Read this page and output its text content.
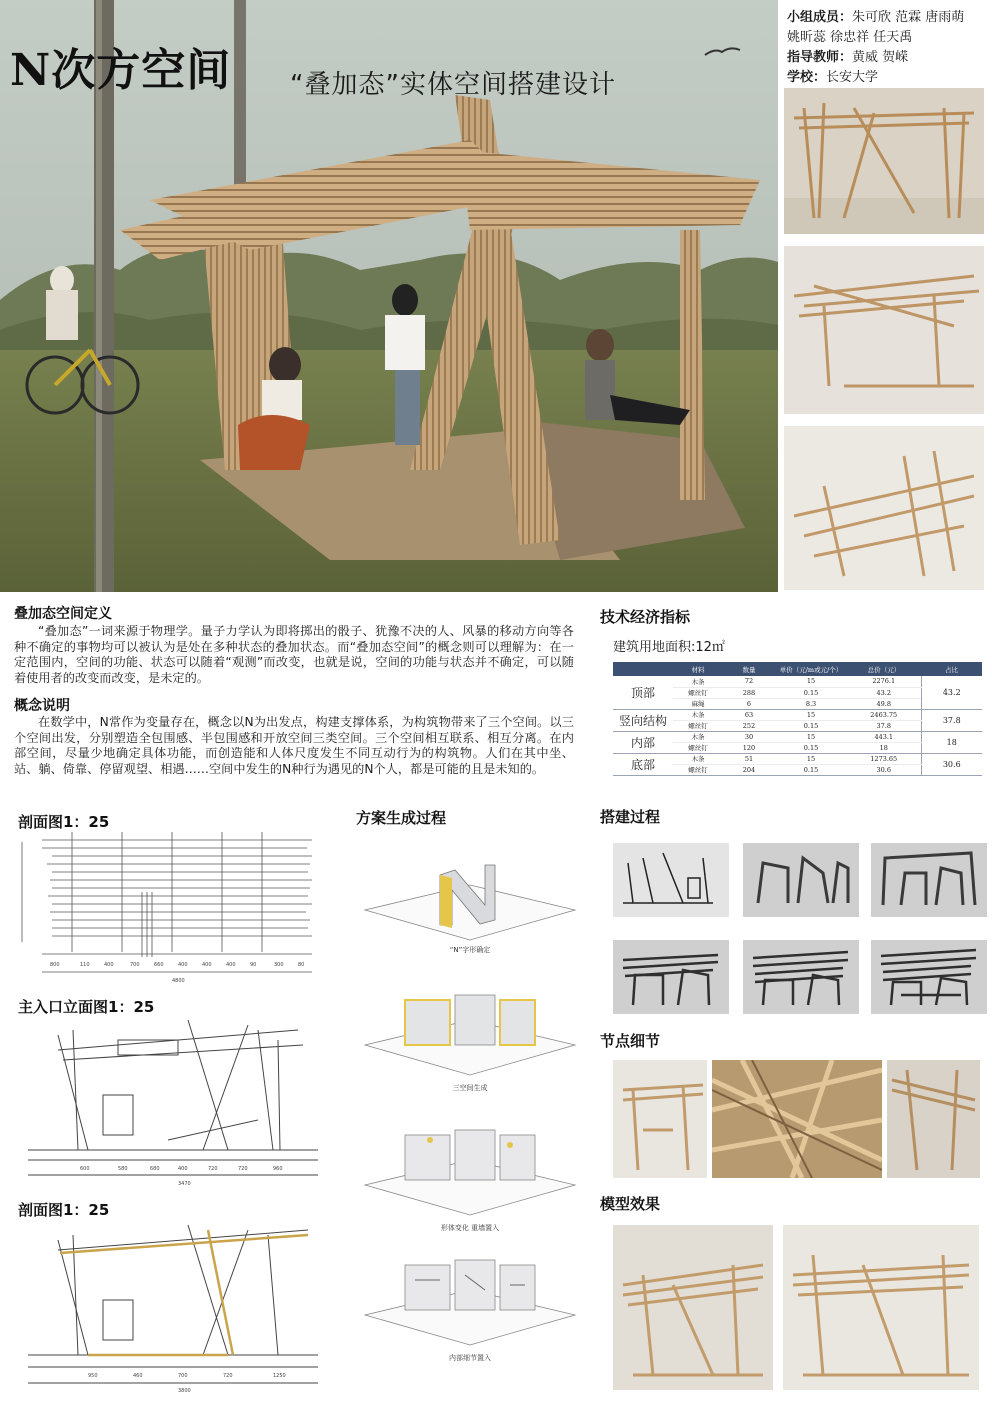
N次方空间 “叠加态”实体空间搭建设计
小组成员：朱可欣 范霖 唐雨萌
姚昕蕊 徐忠祥 任天禹
指导教师：黄威 贺嵘
学校：长安大学
叠加态空间定义
“叠加态”一词来源于物理学。量子力学认为即将掷出的骰子、犹豫不决的人、风暴的移动方向等各种不确定的事物均可以被认为是处在多种状态的叠加状态。而“叠加态空间”的概念则可以理解为：在一定范围内，空间的功能、状态可以随着“观测”而改变，也就是说，空间的功能与状态并不确定，可以随着使用者的改变而改变，是未定的。
概念说明
在数学中，N常作为变量存在，概念以N为出发点，构建支撑体系，为构筑物带来了三个空间。以三个空间出发，分别塑造全包围感、半包围感和开放空间三类空间。三个空间相互联系、相互分离。在内部空间，尽量少地确定具体功能，而创造能和人体尺度发生不同互动行为的构筑物。人们在其中坐、站、躺、倚靠、停留观望、相遇……空间中发生的N种行为遇见的N个人，都是可能的且是未知的。
技术经济指标
建筑用地面积:12㎡
	材料	数量	单价（元/m或元/个）	总价（元）	占比
顶部	木条	72	15	2276.1	43.2
	螺丝钉	288	0.15	43.2	
	麻绳	6	8.3	49.8	
竖向结构	木条	63	15	2463.75	37.8
	螺丝钉	252	0.15	37.8	
内部	木条	30	15	443.1	18
	螺丝钉	120	0.15	18	
底部	木条	51	15	1273.65	30.6
	螺丝钉	204	0.15	30.6	
剖面图1：25
主入口立面图1：25
剖面图1：25
方案生成过程	搭建过程
节点细节
模型效果
800	110	400	700	660	400	400	400	90	300	80
4800
600	580	680	400	720	720	960
3470
950	460	700	720	1250
3800
“N”字形确定
三空间生成
形体变化 重墙置入
内部细节置入
